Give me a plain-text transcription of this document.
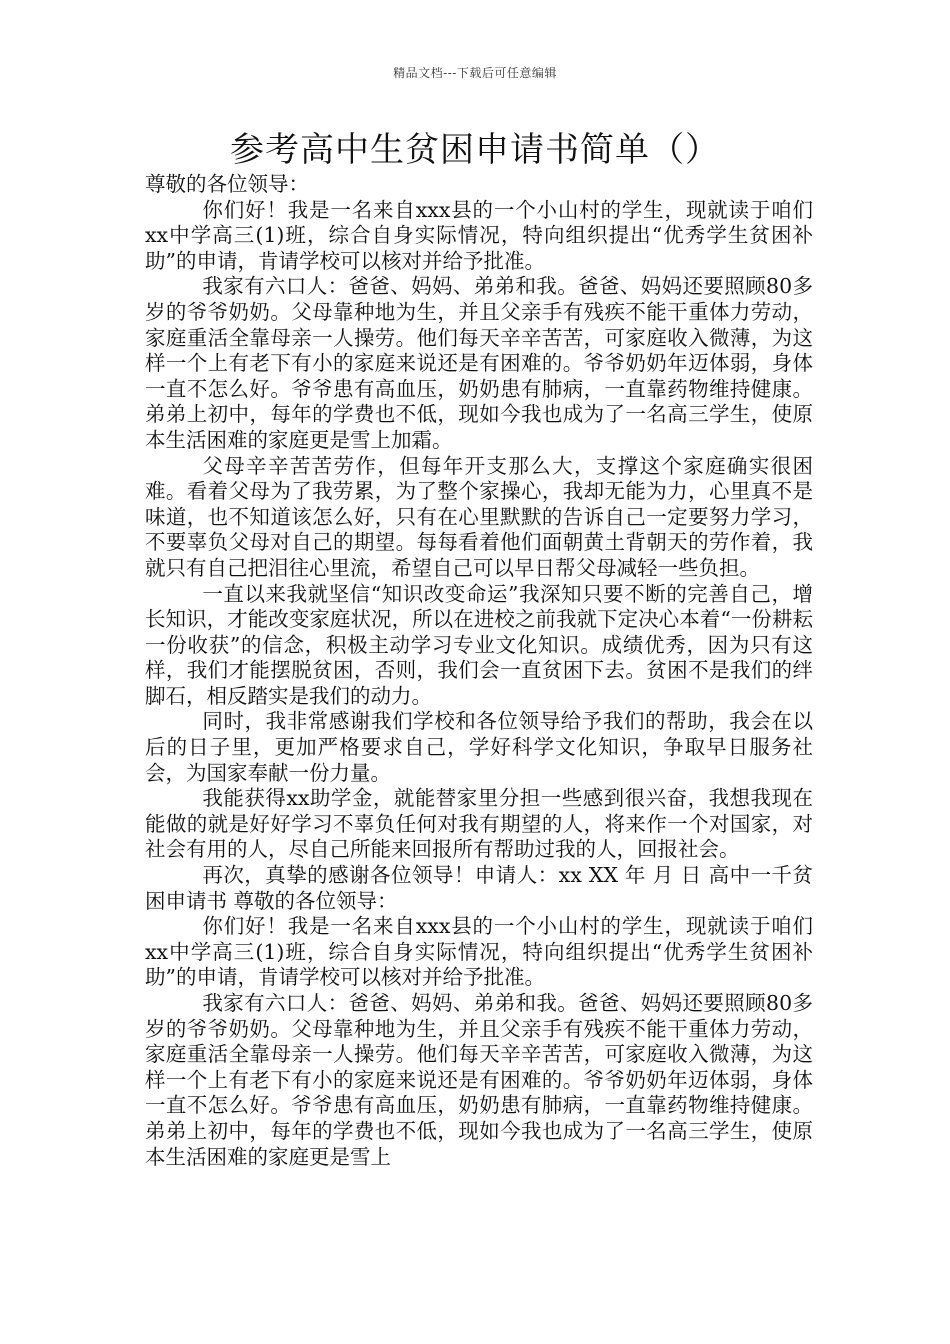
精品文档---下载后可任意编辑
参考高中生贫困申请书简单（）

尊敬的各位领导：

你们好！我是一名来自xxx县的一个小山村的学生，现就读于咱们xx中学高三(1)班，综合自身实际情况，特向组织提出“优秀学生贫困补助”的申请，肯请学校可以核对并给予批准。

我家有六口人：爸爸、妈妈、弟弟和我。爸爸、妈妈还要照顾80多岁的爷爷奶奶。父母靠种地为生，并且父亲手有残疾不能干重体力劳动，家庭重活全靠母亲一人操劳。他们每天辛辛苦苦，可家庭收入微薄，为这样一个上有老下有小的家庭来说还是有困难的。爷爷奶奶年迈体弱，身体一直不怎么好。爷爷患有高血压，奶奶患有肺病，一直靠药物维持健康。弟弟上初中，每年的学费也不低，现如今我也成为了一名高三学生，使原本生活困难的家庭更是雪上加霜。

父母辛辛苦苦劳作，但每年开支那么大，支撑这个家庭确实很困难。看着父母为了我劳累，为了整个家操心，我却无能为力，心里真不是味道，也不知道该怎么好，只有在心里默默的告诉自己一定要努力学习，不要辜负父母对自己的期望。每每看着他们面朝黄土背朝天的劳作着，我就只有自己把泪往心里流，希望自己可以早日帮父母减轻一些负担。

一直以来我就坚信“知识改变命运”我深知只要不断的完善自己，增长知识，才能改变家庭状况，所以在进校之前我就下定决心本着“一份耕耘一份收获”的信念，积极主动学习专业文化知识。成绩优秀，因为只有这样，我们才能摆脱贫困，否则，我们会一直贫困下去。贫困不是我们的绊脚石，相反踏实是我们的动力。

同时，我非常感谢我们学校和各位领导给予我们的帮助，我会在以后的日子里，更加严格要求自己，学好科学文化知识，争取早日服务社会，为国家奉献一份力量。

我能获得xx助学金，就能替家里分担一些感到很兴奋，我想我现在能做的就是好好学习不辜负任何对我有期望的人，将来作一个对国家，对社会有用的人，尽自己所能来回报所有帮助过我的人，回报社会。

再次，真挚的感谢各位领导！申请人：xx XX 年 月 日 高中一千贫困申请书 尊敬的各位领导：

你们好！我是一名来自xxx县的一个小山村的学生，现就读于咱们xx中学高三(1)班，综合自身实际情况，特向组织提出“优秀学生贫困补助”的申请，肯请学校可以核对并给予批准。

我家有六口人：爸爸、妈妈、弟弟和我。爸爸、妈妈还要照顾80多岁的爷爷奶奶。父母靠种地为生，并且父亲手有残疾不能干重体力劳动，家庭重活全靠母亲一人操劳。他们每天辛辛苦苦，可家庭收入微薄，为这样一个上有老下有小的家庭来说还是有困难的。爷爷奶奶年迈体弱，身体一直不怎么好。爷爷患有高血压，奶奶患有肺病，一直靠药物维持健康。弟弟上初中，每年的学费也不低，现如今我也成为了一名高三学生，使原本生活困难的家庭更是雪上
